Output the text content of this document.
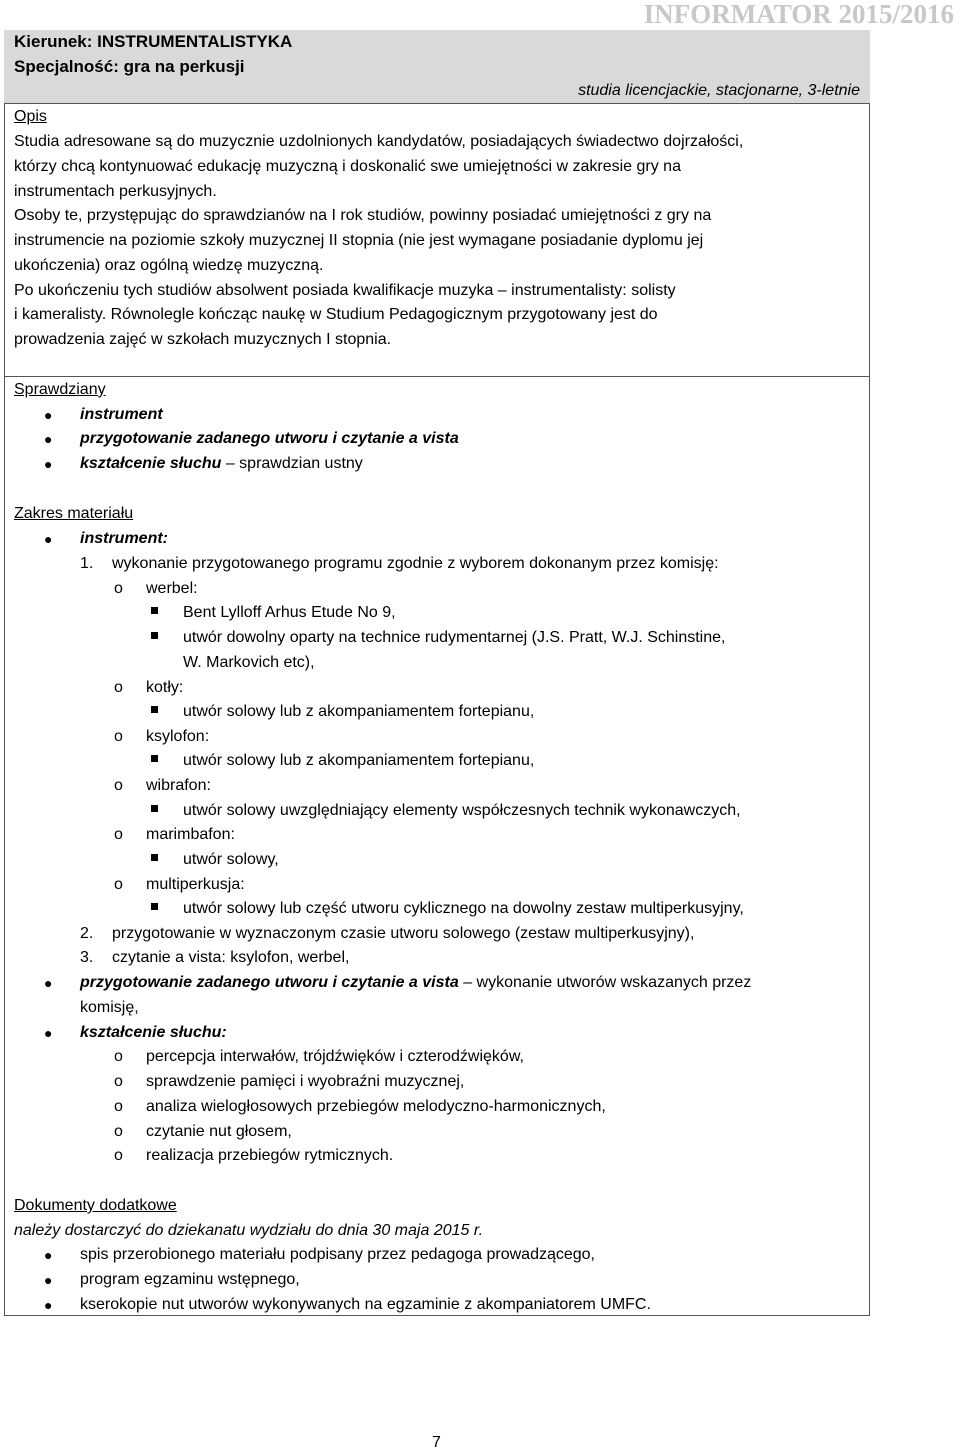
INFORMATOR 2015/2016
Kierunek: INSTRUMENTALISTYKA
Specjalność: gra na perkusji
studia licencjackie, stacjonarne, 3-letnie
Opis
Studia adresowane są do muzycznie uzdolnionych kandydatów, posiadających świadectwo dojrzałości,
którzy chcą kontynuować edukację muzyczną i doskonalić swe umiejętności w zakresie gry na
instrumentach perkusyjnych.
Osoby te, przystępując do sprawdzianów na I rok studiów, powinny posiadać umiejętności z gry na
instrumencie na poziomie szkoły muzycznej II stopnia (nie jest wymagane posiadanie dyplomu jej
ukończenia) oraz ogólną wiedzę muzyczną.
Po ukończeniu tych studiów absolwent posiada kwalifikacje muzyka – instrumentalisty: solisty
i kameralisty. Równolegle kończąc naukę w Studium Pedagogicznym przygotowany jest do
prowadzenia zajęć w szkołach muzycznych I stopnia.
Sprawdziany
● instrument
● przygotowanie zadanego utworu i czytanie a vista
● kształcenie słuchu – sprawdzian ustny
Zakres materiału
● instrument:
1. wykonanie przygotowanego programu zgodnie z wyborem dokonanym przez komisję:
o werbel:
Bent Lylloff Arhus Etude No 9,
utwór dowolny oparty na technice rudymentarnej (J.S. Pratt, W.J. Schinstine,
W. Markovich etc),
o kotły:
utwór solowy lub z akompaniamentem fortepianu,
o ksylofon:
utwór solowy lub z akompaniamentem fortepianu,
o wibrafon:
utwór solowy uwzględniający elementy współczesnych technik wykonawczych,
o marimbafon:
utwór solowy,
o multiperkusja:
utwór solowy lub część utworu cyklicznego na dowolny zestaw multiperkusyjny,
2. przygotowanie w wyznaczonym czasie utworu solowego (zestaw multiperkusyjny),
3. czytanie a vista: ksylofon, werbel,
● przygotowanie zadanego utworu i czytanie a vista – wykonanie utworów wskazanych przez
komisję,
● kształcenie słuchu:
o percepcja interwałów, trójdźwięków i czterodźwięków,
o sprawdzenie pamięci i wyobraźni muzycznej,
o analiza wielogłosowych przebiegów melodyczno-harmonicznych,
o czytanie nut głosem,
o realizacja przebiegów rytmicznych.
Dokumenty dodatkowe
należy dostarczyć do dziekanatu wydziału do dnia 30 maja 2015 r.
● spis przerobionego materiału podpisany przez pedagoga prowadzącego,
● program egzaminu wstępnego,
● kserokopie nut utworów wykonywanych na egzaminie z akompaniatorem UMFC.
7
